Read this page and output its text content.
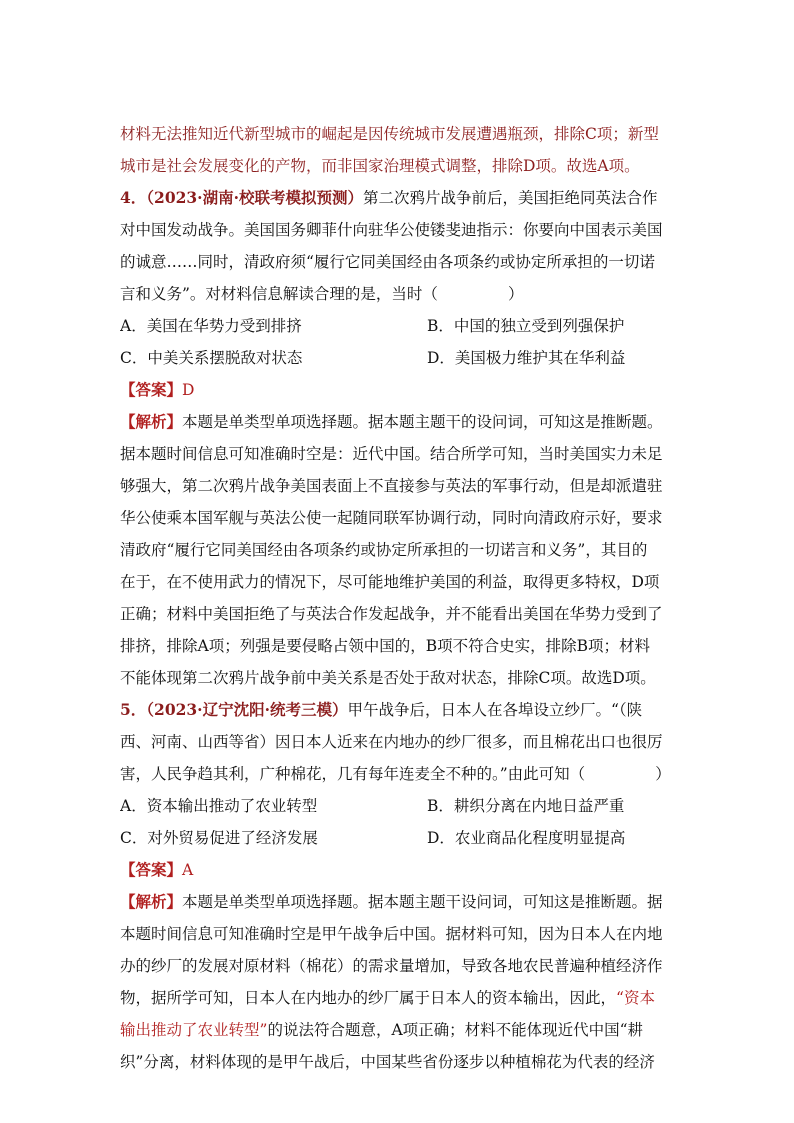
材料无法推知近代新型城市的崛起是因传统城市发展遭遇瓶颈，排除C项；新型
城市是社会发展变化的产物，而非国家治理模式调整，排除D项。故选A项。
4．（2023·湖南·校联考模拟预测）第二次鸦片战争前后，美国拒绝同英法合作
对中国发动战争。美国国务卿菲什向驻华公使镂斐迪指示：你要向中国表示美国
的诚意……同时，清政府须“履行它同美国经由各项条约或协定所承担的一切诺
言和义务”。对材料信息解读合理的是，当时（	）
A．美国在华势力受到排挤	B．中国的独立受到列强保护
C．中美关系摆脱敌对状态	D．美国极力维护其在华利益
【答案】D
【解析】本题是单类型单项选择题。据本题主题干的设问词，可知这是推断题。
据本题时间信息可知准确时空是：近代中国。结合所学可知，当时美国实力未足
够强大，第二次鸦片战争美国表面上不直接参与英法的军事行动，但是却派遣驻
华公使乘本国军舰与英法公使一起随同联军协调行动，同时向清政府示好，要求
清政府“履行它同美国经由各项条约或协定所承担的一切诺言和义务”，其目的
在于，在不使用武力的情况下，尽可能地维护美国的利益，取得更多特权，D项
正确；材料中美国拒绝了与英法合作发起战争，并不能看出美国在华势力受到了
排挤，排除A项；列强是要侵略占领中国的，B项不符合史实，排除B项；材料
不能体现第二次鸦片战争前中美关系是否处于敌对状态，排除C项。故选D项。
5．（2023·辽宁沈阳·统考三模）甲午战争后，日本人在各埠设立纱厂。“（陕
西、河南、山西等省）因日本人近来在内地办的纱厂很多，而且棉花出口也很厉
害，人民争趋其利，广种棉花，几有每年连麦全不种的。”由此可知（	）
A．资本输出推动了农业转型	B．耕织分离在内地日益严重
C．对外贸易促进了经济发展	D．农业商品化程度明显提高
【答案】A
【解析】本题是单类型单项选择题。据本题主题干设问词，可知这是推断题。据
本题时间信息可知准确时空是甲午战争后中国。据材料可知，因为日本人在内地
办的纱厂的发展对原材料（棉花）的需求量增加，导致各地农民普遍种植经济作
物，据所学可知，日本人在内地办的纱厂属于日本人的资本输出，因此，“资本
输出推动了农业转型”的说法符合题意，A项正确；材料不能体现近代中国“耕
织”分离，材料体现的是甲午战后，中国某些省份逐步以种植棉花为代表的经济
